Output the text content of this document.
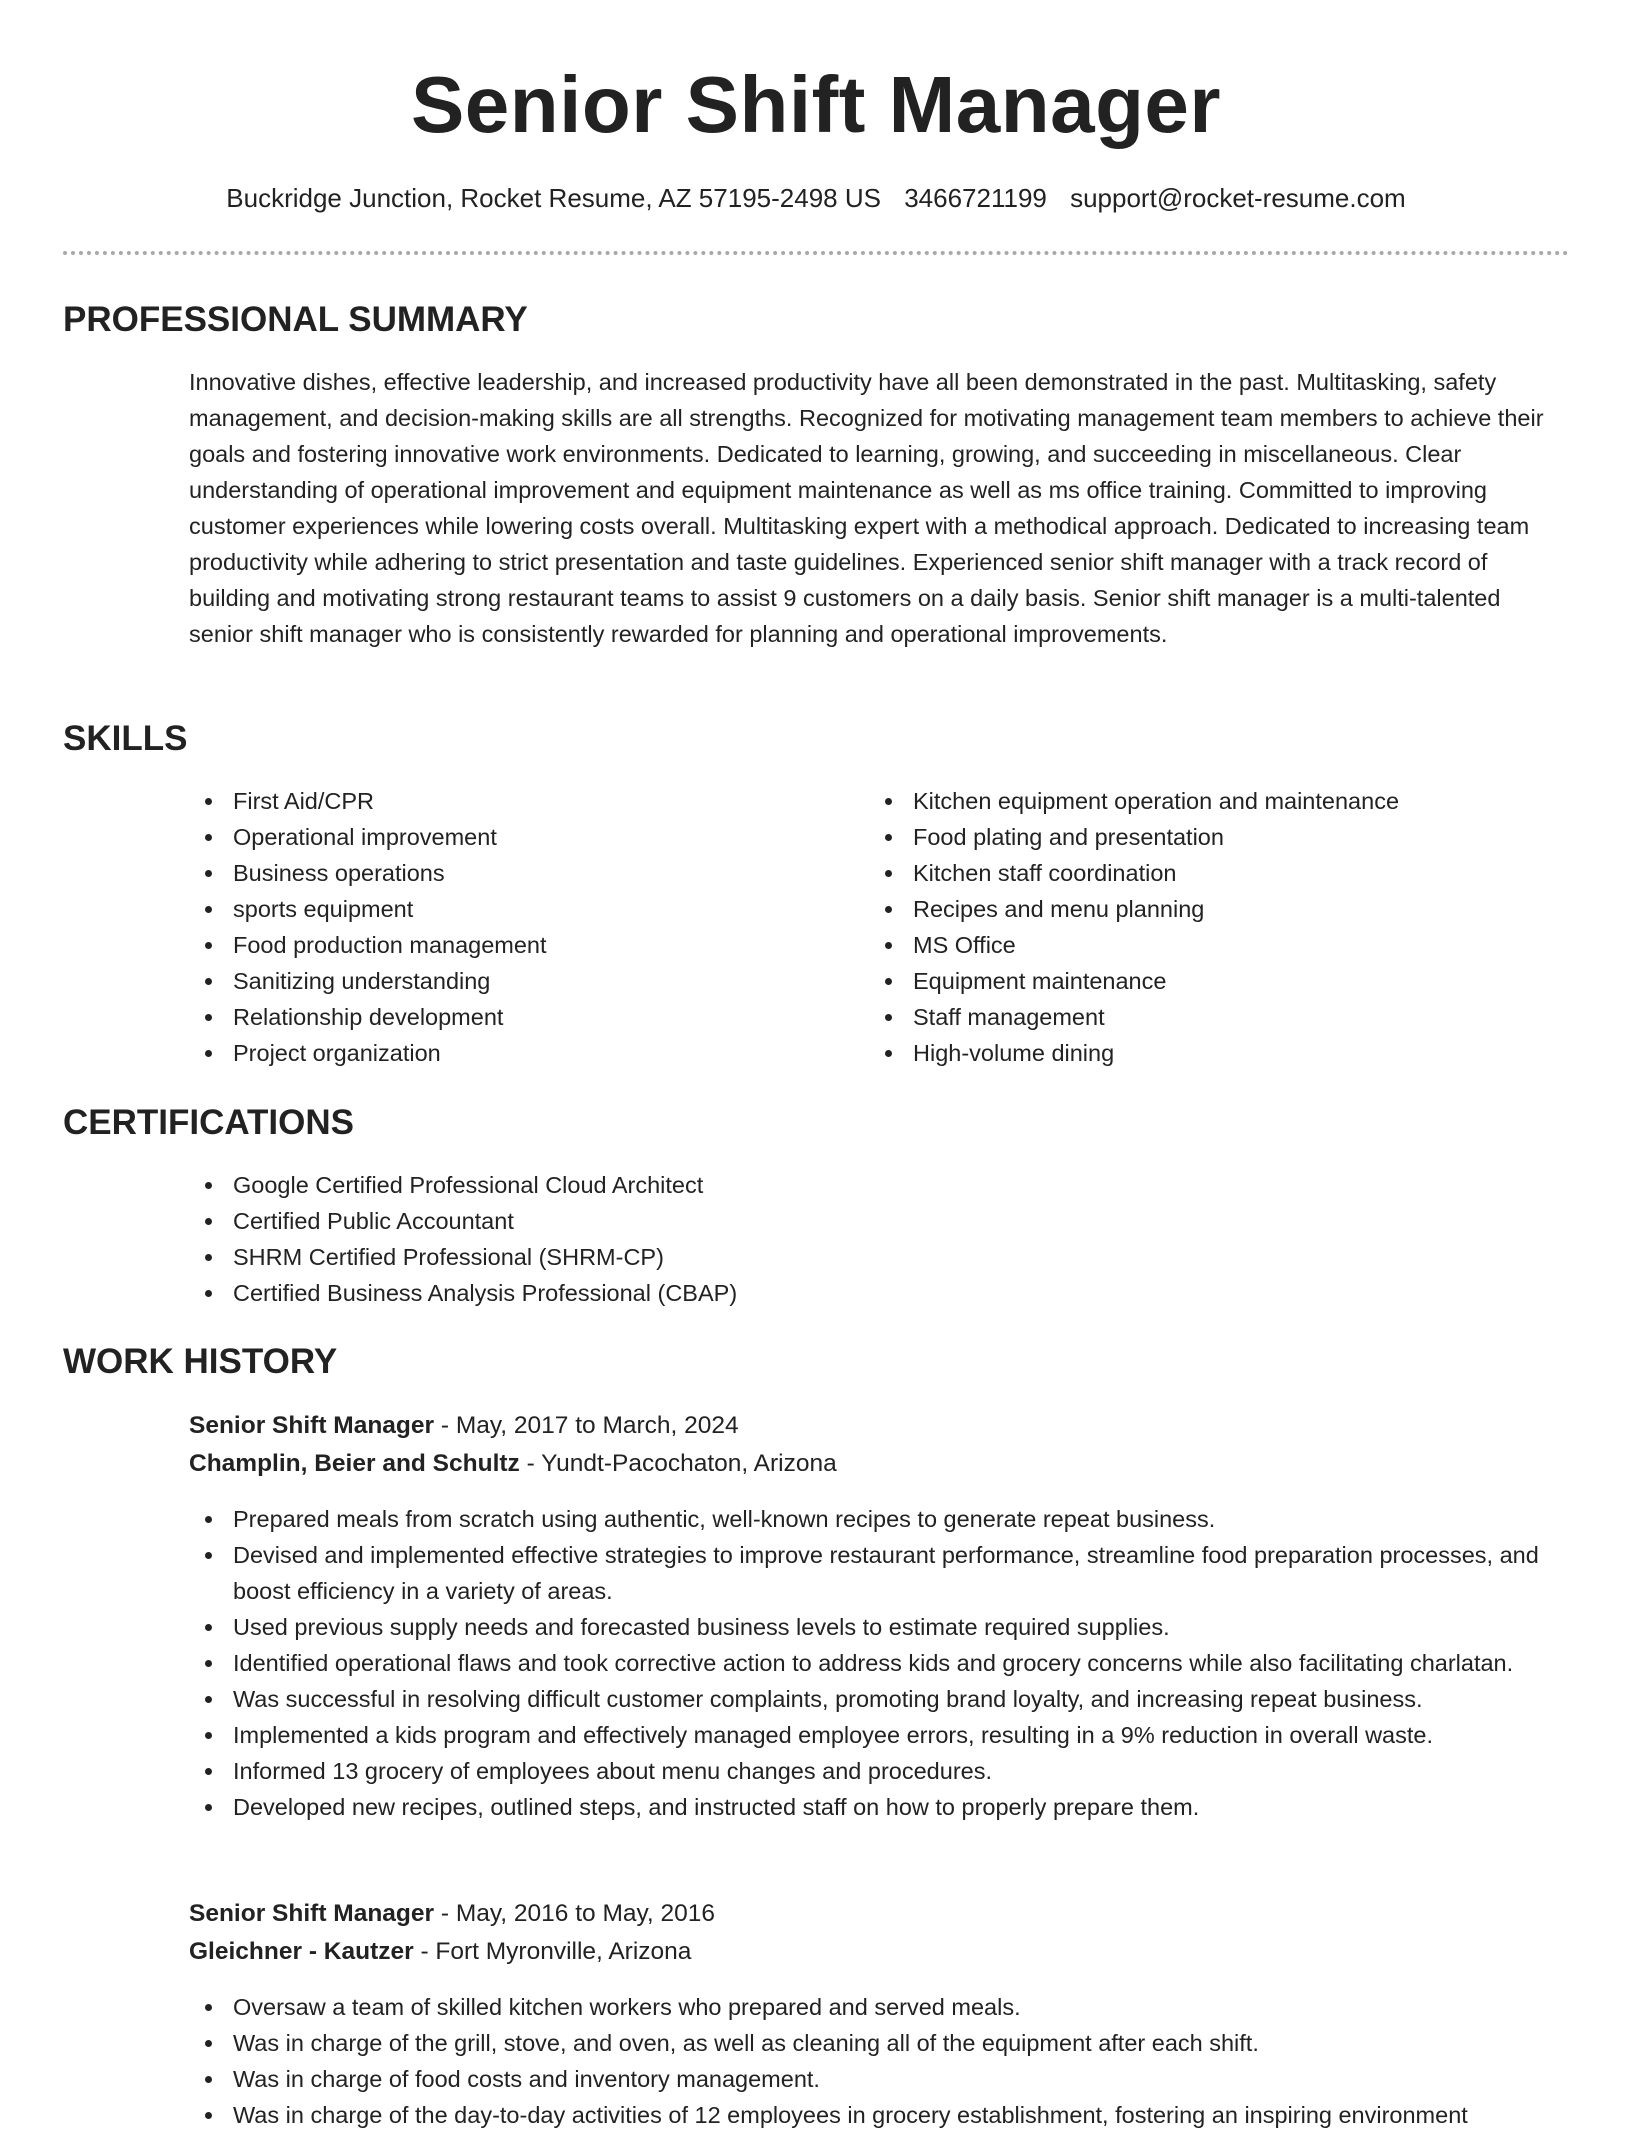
Senior Shift Manager
Buckridge Junction, Rocket Resume, AZ 57195-2498 US 3466721199 support@rocket-resume.com
PROFESSIONAL SUMMARY

Innovative dishes, effective leadership, and increased productivity have all been demonstrated in the past. Multitasking, safety management, and decision-making skills are all strengths. Recognized for motivating management team members to achieve their goals and fostering innovative work environments. Dedicated to learning, growing, and succeeding in miscellaneous. Clear understanding of operational improvement and equipment maintenance as well as ms office training. Committed to improving customer experiences while lowering costs overall. Multitasking expert with a methodical approach. Dedicated to increasing team productivity while adhering to strict presentation and taste guidelines. Experienced senior shift manager with a track record of building and motivating strong restaurant teams to assist 9 customers on a daily basis. Senior shift manager is a multi-talented senior shift manager who is consistently rewarded for planning and operational improvements.

SKILLS
First Aid/CPR
Operational improvement
Business operations
sports equipment
Food production management
Sanitizing understanding
Relationship development
Project organization
Kitchen equipment operation and maintenance
Food plating and presentation
Kitchen staff coordination
Recipes and menu planning
MS Office
Equipment maintenance
Staff management
High-volume dining
CERTIFICATIONS
Google Certified Professional Cloud Architect
Certified Public Accountant
SHRM Certified Professional (SHRM-CP)
Certified Business Analysis Professional (CBAP)
WORK HISTORY
Senior Shift Manager - May, 2017 to March, 2024
Champlin, Beier and Schultz - Yundt-Pacochaton, Arizona
Prepared meals from scratch using authentic, well-known recipes to generate repeat business.
Devised and implemented effective strategies to improve restaurant performance, streamline food preparation processes, and boost efficiency in a variety of areas.
Used previous supply needs and forecasted business levels to estimate required supplies.
Identified operational flaws and took corrective action to address kids and grocery concerns while also facilitating charlatan.
Was successful in resolving difficult customer complaints, promoting brand loyalty, and increasing repeat business.
Implemented a kids program and effectively managed employee errors, resulting in a 9% reduction in overall waste.
Informed 13 grocery of employees about menu changes and procedures.
Developed new recipes, outlined steps, and instructed staff on how to properly prepare them.
Senior Shift Manager - May, 2016 to May, 2016
Gleichner - Kautzer - Fort Myronville, Arizona
Oversaw a team of skilled kitchen workers who prepared and served meals.
Was in charge of the grill, stove, and oven, as well as cleaning all of the equipment after each shift.
Was in charge of food costs and inventory management.
Was in charge of the day-to-day activities of 12 employees in grocery establishment, fostering an inspiring environment
